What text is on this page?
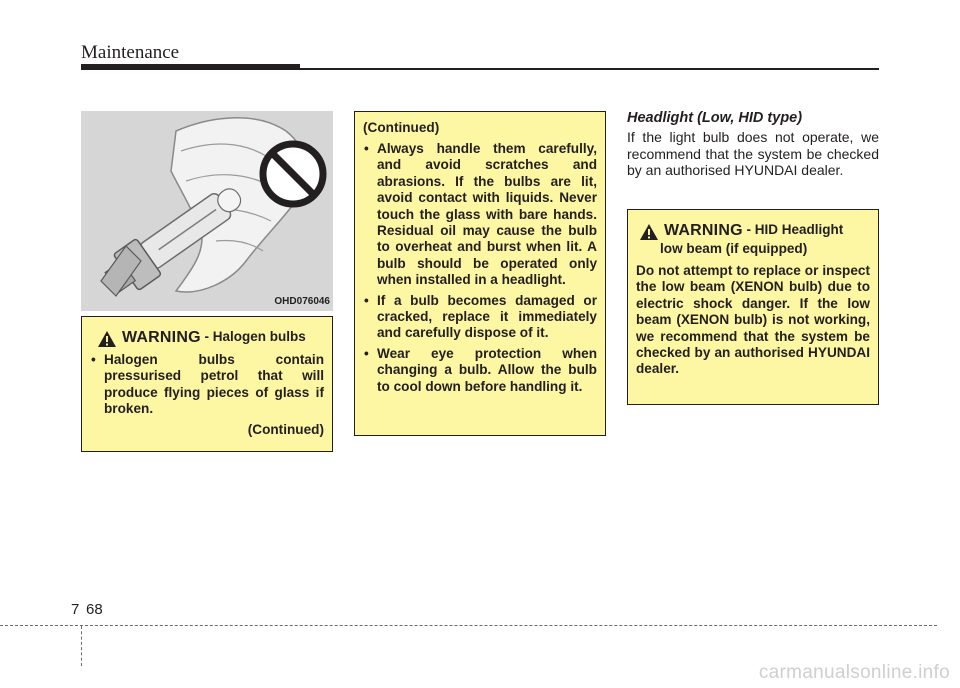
Maintenance
OHD076046
WARNING - Halogen bulbs
• Halogen bulbs contain pressurised petrol that will produce flying pieces of glass if broken.
(Continued)
(Continued)
• Always handle them carefully, and avoid scratches and abrasions. If the bulbs are lit, avoid contact with liquids. Never touch the glass with bare hands. Residual oil may cause the bulb to overheat and burst when lit. A bulb should be operated only when installed in a headlight.
• If a bulb becomes damaged or cracked, replace it immediately and carefully dispose of it.
• Wear eye protection when changing a bulb. Allow the bulb to cool down before handling it.
Headlight (Low, HID type)
If the light bulb does not operate, we recommend that the system be checked by an authorised HYUNDAI dealer.
WARNING - HID Headlight
low beam (if equipped)
Do not attempt to replace or inspect the low beam (XENON bulb) due to electric shock danger. If the low beam (XENON bulb) is not working, we recommend that the system be checked by an authorised HYUNDAI dealer.
7 68
carmanualsonline.info
